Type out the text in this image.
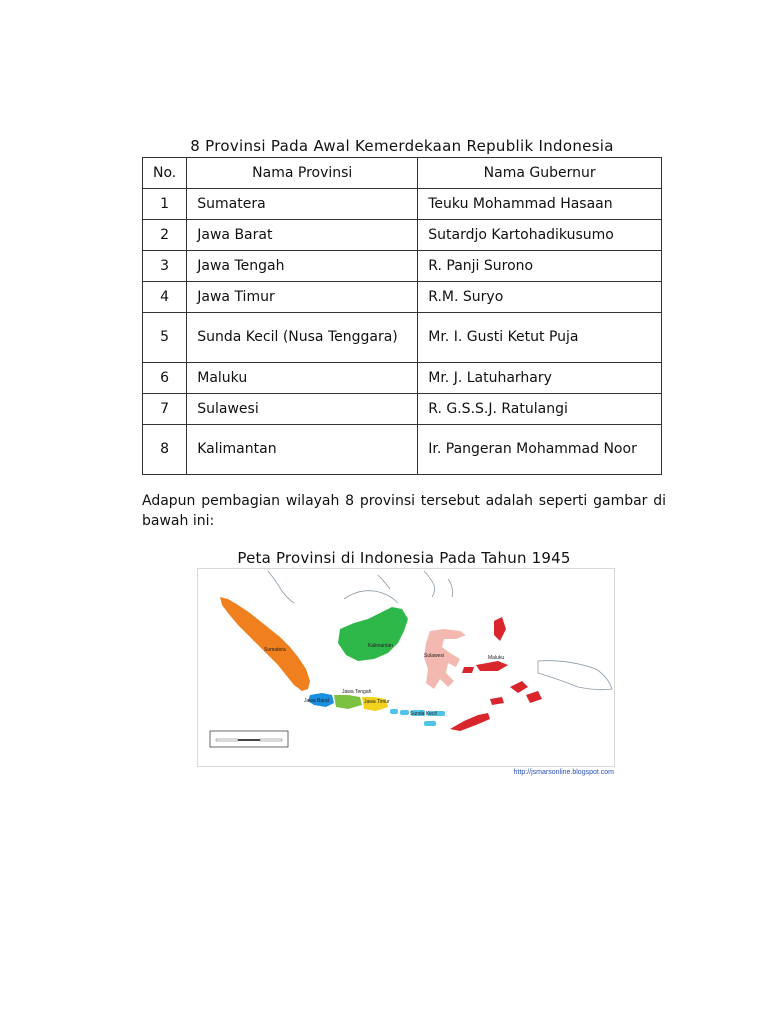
8 Provinsi Pada Awal Kemerdekaan Republik Indonesia
No.	Nama Provinsi	Nama Gubernur
1	Sumatera	Teuku Mohammad Hasaan
2	Jawa Barat	Sutardjo Kartohadikusumo
3	Jawa Tengah	R. Panji Surono
4	Jawa Timur	R.M. Suryo
5	Sunda Kecil (Nusa Tenggara)	Mr. I. Gusti Ketut Puja
6	Maluku	Mr. J. Latuharhary
7	Sulawesi	R. G.S.S.J. Ratulangi
8	Kalimantan	Ir. Pangeran Mohammad Noor
Adapun pembagian wilayah 8 provinsi tersebut adalah seperti gambar di bawah ini:
Peta Provinsi di Indonesia Pada Tahun 1945
Sumatera
Kalimantan
Sulawesi	Maluku
Jawa Barat
Jawa Tengah
Jawa Timur
Sunda Kecil
http://jsmarsonline.blogspot.com
